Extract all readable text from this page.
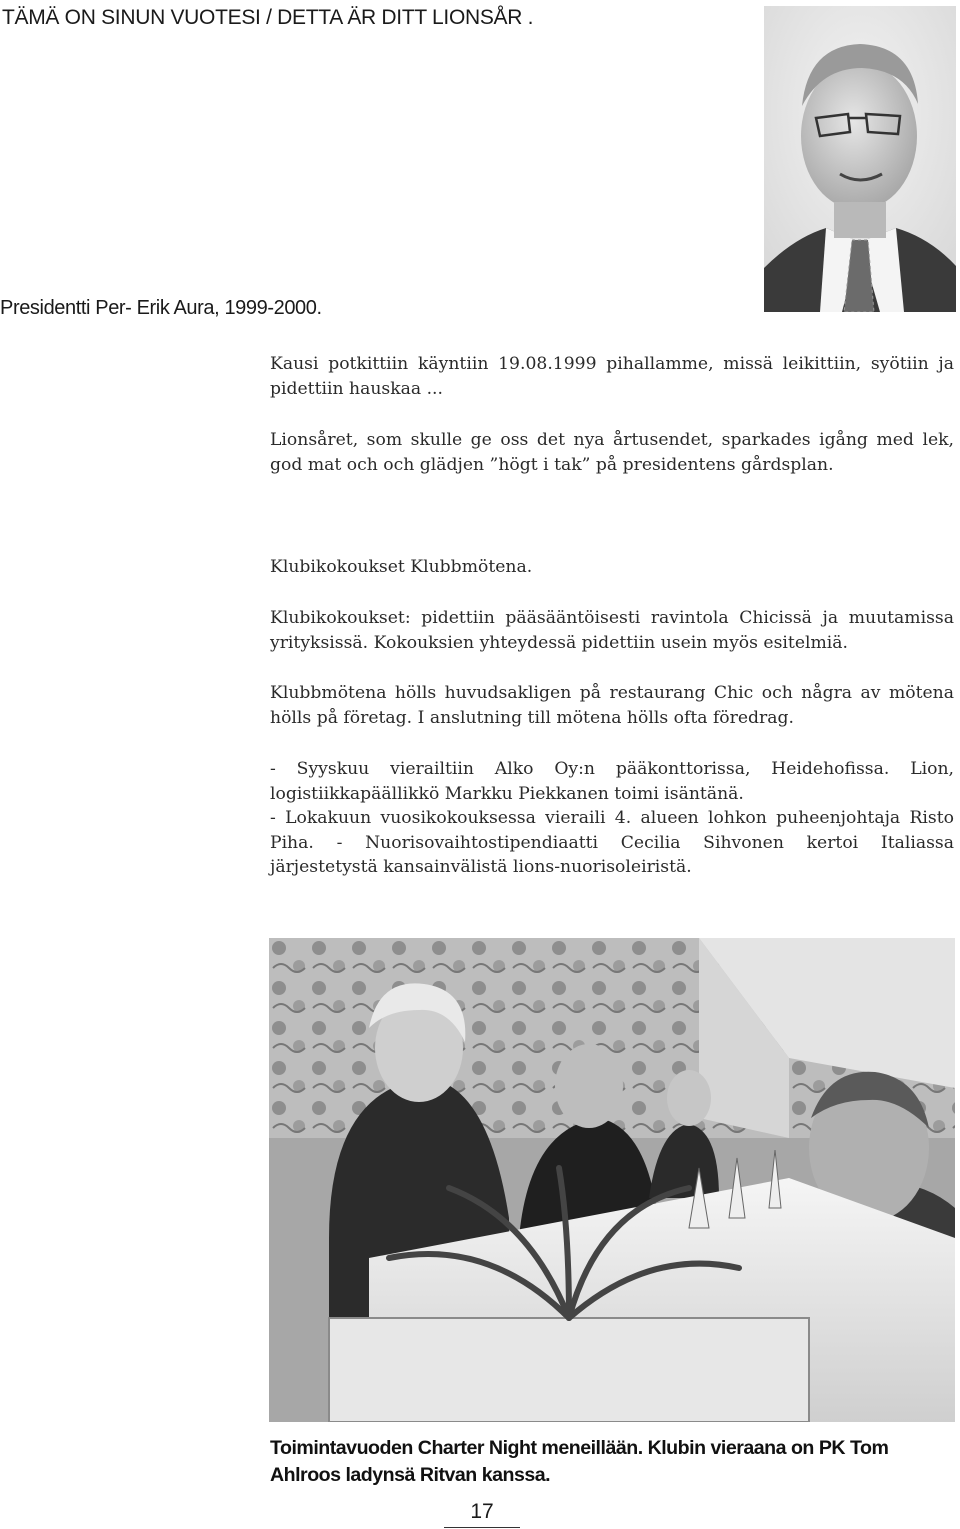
TÄMÄ ON SINUN VUOTESI / DETTA ÄR DITT LIONSÅR .
Presidentti Per- Erik Aura, 1999-2000.

Kausi potkittiin käyntiin 19.08.1999 pihallamme, missä leikittiin, syötiin ja pidettiin hauskaa ...

Lionsåret, som skulle ge oss det nya årtusendet, sparkades igång med lek, god mat och och glädjen ”högt i tak” på presidentens gårdsplan.

Klubikokoukset Klubbmötena.

Klubikokoukset: pidettiin pääsääntöisesti ravintola Chicissä ja muutamissa yrityksissä. Kokouksien yhteydessä pidettiin usein myös esitelmiä.

Klubbmötena hölls huvudsakligen på restaurang Chic och några av mötena hölls på företag. I anslutning till mötena hölls ofta föredrag.

- Syyskuu vierailtiin Alko Oy:n pääkonttorissa, Heidehofissa. Lion, logistiikkapäällikkö Markku Piekkanen toimi isäntänä.

- Lokakuun vuosikokouksessa vieraili 4. alueen lohkon puheenjohtaja Risto Piha. - Nuorisovaihtostipendiaatti Cecilia Sihvonen kertoi Italiassa järjestetystä kansainvälistä lions-nuorisoleiristä.

Toimintavuoden Charter Night meneillään. Klubin vieraana on PK Tom Ahlroos ladynsä Ritvan kanssa.
17
